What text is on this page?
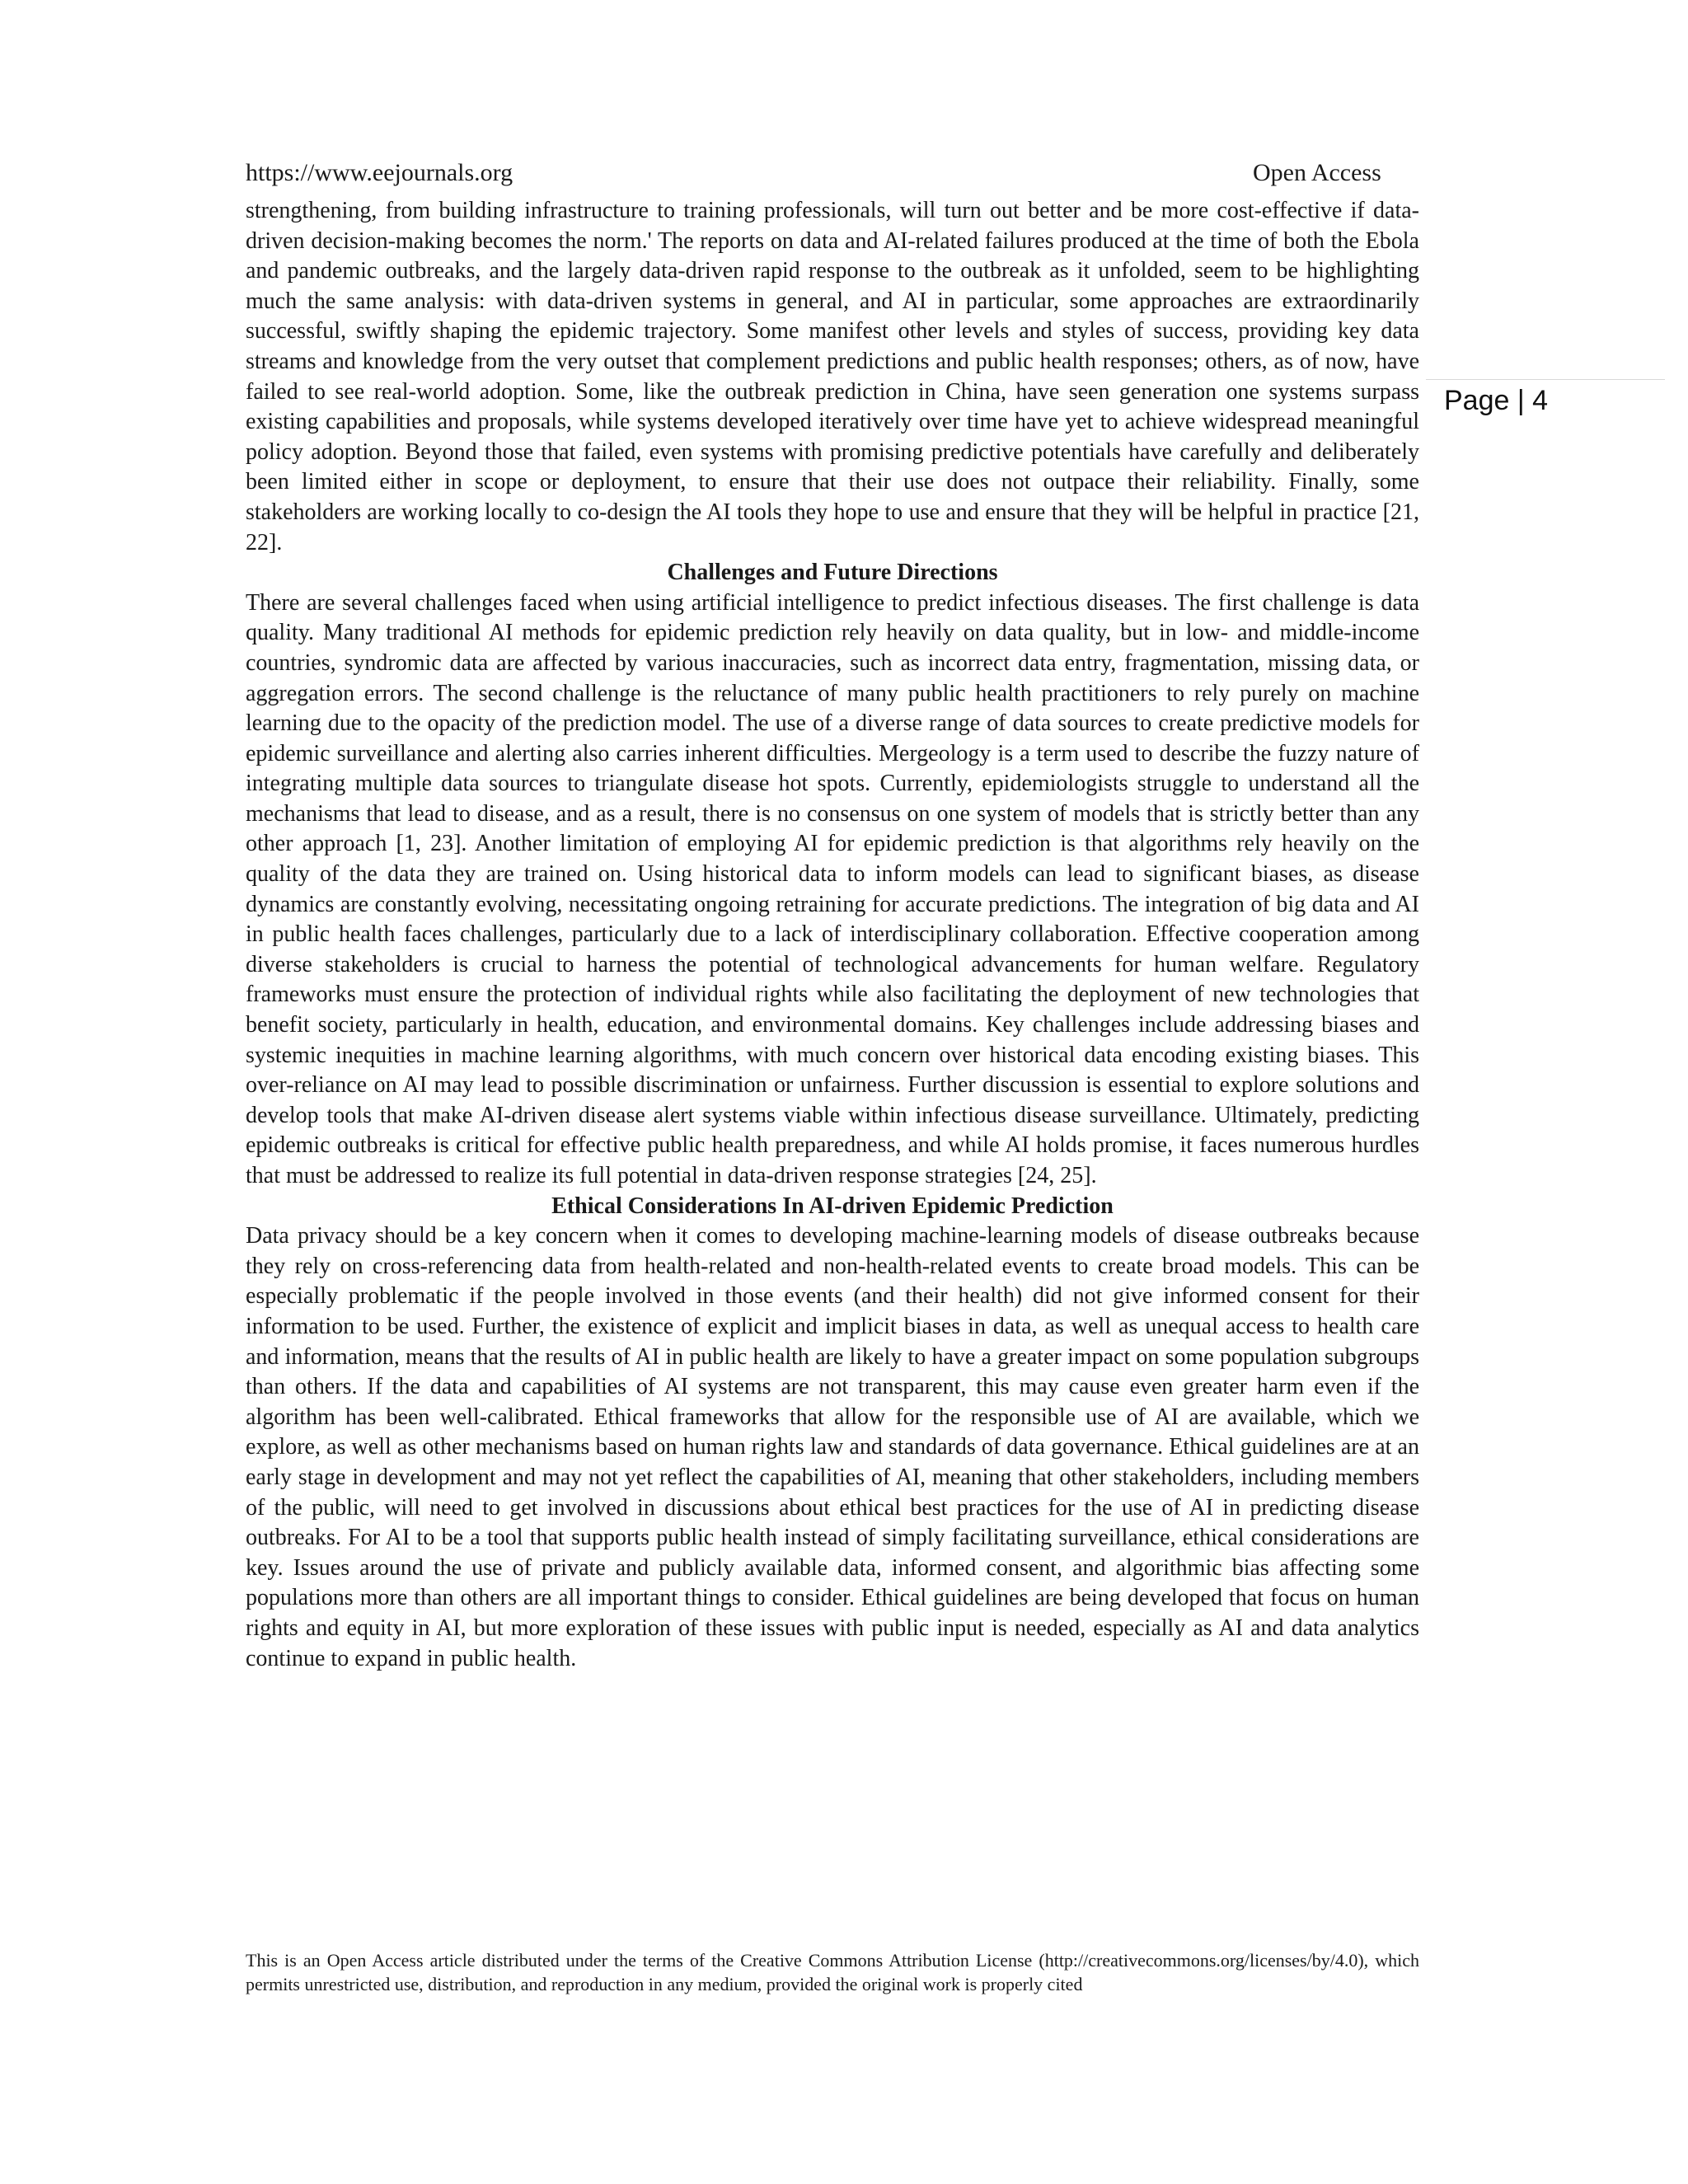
https://www.eejournals.org	Open Access
Page | 4

strengthening, from building infrastructure to training professionals, will turn out better and be more cost-effective if data-driven decision-making becomes the norm.' The reports on data and AI-related failures produced at the time of both the Ebola and pandemic outbreaks, and the largely data-driven rapid response to the outbreak as it unfolded, seem to be highlighting much the same analysis: with data-driven systems in general, and AI in particular, some approaches are extraordinarily successful, swiftly shaping the epidemic trajectory. Some manifest other levels and styles of success, providing key data streams and knowledge from the very outset that complement predictions and public health responses; others, as of now, have failed to see real-world adoption. Some, like the outbreak prediction in China, have seen generation one systems surpass existing capabilities and proposals, while systems developed iteratively over time have yet to achieve widespread meaningful policy adoption. Beyond those that failed, even systems with promising predictive potentials have carefully and deliberately been limited either in scope or deployment, to ensure that their use does not outpace their reliability. Finally, some stakeholders are working locally to co-design the AI tools they hope to use and ensure that they will be helpful in practice [21, 22].

Challenges and Future Directions

There are several challenges faced when using artificial intelligence to predict infectious diseases. The first challenge is data quality. Many traditional AI methods for epidemic prediction rely heavily on data quality, but in low- and middle-income countries, syndromic data are affected by various inaccuracies, such as incorrect data entry, fragmentation, missing data, or aggregation errors. The second challenge is the reluctance of many public health practitioners to rely purely on machine learning due to the opacity of the prediction model. The use of a diverse range of data sources to create predictive models for epidemic surveillance and alerting also carries inherent difficulties. Mergeology is a term used to describe the fuzzy nature of integrating multiple data sources to triangulate disease hot spots. Currently, epidemiologists struggle to understand all the mechanisms that lead to disease, and as a result, there is no consensus on one system of models that is strictly better than any other approach [1, 23]. Another limitation of employing AI for epidemic prediction is that algorithms rely heavily on the quality of the data they are trained on. Using historical data to inform models can lead to significant biases, as disease dynamics are constantly evolving, necessitating ongoing retraining for accurate predictions. The integration of big data and AI in public health faces challenges, particularly due to a lack of interdisciplinary collaboration. Effective cooperation among diverse stakeholders is crucial to harness the potential of technological advancements for human welfare. Regulatory frameworks must ensure the protection of individual rights while also facilitating the deployment of new technologies that benefit society, particularly in health, education, and environmental domains. Key challenges include addressing biases and systemic inequities in machine learning algorithms, with much concern over historical data encoding existing biases. This over-reliance on AI may lead to possible discrimination or unfairness. Further discussion is essential to explore solutions and develop tools that make AI-driven disease alert systems viable within infectious disease surveillance. Ultimately, predicting epidemic outbreaks is critical for effective public health preparedness, and while AI holds promise, it faces numerous hurdles that must be addressed to realize its full potential in data-driven response strategies [24, 25].

Ethical Considerations In AI-driven Epidemic Prediction

Data privacy should be a key concern when it comes to developing machine-learning models of disease outbreaks because they rely on cross-referencing data from health-related and non-health-related events to create broad models. This can be especially problematic if the people involved in those events (and their health) did not give informed consent for their information to be used. Further, the existence of explicit and implicit biases in data, as well as unequal access to health care and information, means that the results of AI in public health are likely to have a greater impact on some population subgroups than others. If the data and capabilities of AI systems are not transparent, this may cause even greater harm even if the algorithm has been well-calibrated. Ethical frameworks that allow for the responsible use of AI are available, which we explore, as well as other mechanisms based on human rights law and standards of data governance. Ethical guidelines are at an early stage in development and may not yet reflect the capabilities of AI, meaning that other stakeholders, including members of the public, will need to get involved in discussions about ethical best practices for the use of AI in predicting disease outbreaks. For AI to be a tool that supports public health instead of simply facilitating surveillance, ethical considerations are key. Issues around the use of private and publicly available data, informed consent, and algorithmic bias affecting some populations more than others are all important things to consider. Ethical guidelines are being developed that focus on human rights and equity in AI, but more exploration of these issues with public input is needed, especially as AI and data analytics continue to expand in public health.

This is an Open Access article distributed under the terms of the Creative Commons Attribution License (http://creativecommons.org/licenses/by/4.0), which permits unrestricted use, distribution, and reproduction in any medium, provided the original work is properly cited
